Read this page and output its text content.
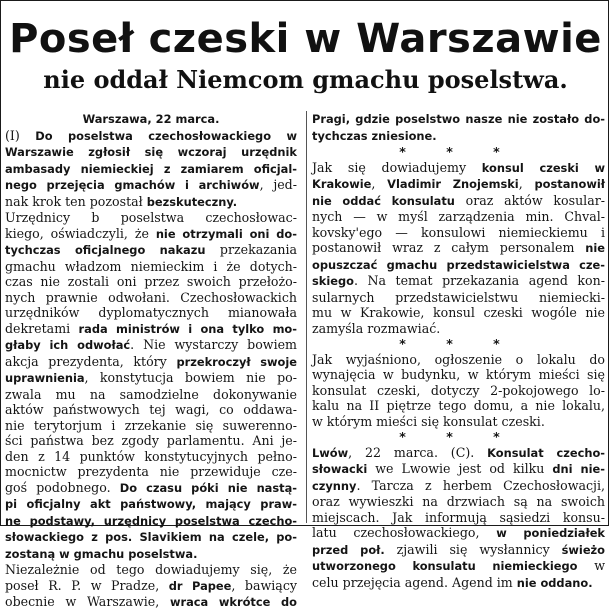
Poseł czeski w Warszawie
nie oddał Niemcom gmachu poselstwa.
Warszawa, 22 marca.
(I) Do poselstwa czechosłowackiego w
Warszawie zgłosił się wczoraj urzędnik
ambasady niemieckiej z zamiarem oficjal-
nego przejęcia gmachów i archiwów, jed-
nak krok ten pozostał bezskuteczny.
Urzędnicy b poselstwa czechosłowac-
kiego, oświadczyli, że nie otrzymali oni do-
tychczas oficjalnego nakazu przekazania
gmachu władzom niemieckim i że dotych-
czas nie zostali oni przez swoich przełożo-
nych prawnie odwołani. Czechosłowackich
urzędników dyplomatycznych mianowała
dekretami rada ministrów i ona tylko mo-
głaby ich odwołać. Nie wystarczy bowiem
akcja prezydenta, który przekroczył swoje
uprawnienia, konstytucja bowiem nie po-
zwala mu na samodzielne dokonywanie
aktów państwowych tej wagi, co oddawa-
nie terytorjum i zrzekanie się suwerenno-
ści państwa bez zgody parlamentu. Ani je-
den z 14 punktów konstytucyjnych pełno-
mocnictw prezydenta nie przewiduje cze-
goś podobnego. Do czasu póki nie nastą-
pi oficjalny akt państwowy, mający praw-
ne podstawy, urzędnicy poselstwa czecho-
słowackiego z pos. Slavikiem na czele, po-
zostaną w gmachu poselstwa.
Niezależnie od tego dowiadujemy się, że
poseł R. P. w Pradze, dr Papee, bawiący
obecnie w Warszawie, wraca wkrótce do
Pragi, gdzie poselstwo nasze nie zostało do-
tychczas zniesione.
* * *
Jak się dowiadujemy konsul czeski w
Krakowie, Vladimir Znojemski, postanowił
nie oddać konsulatu oraz aktów kosular-
nych — w myśl zarządzenia min. Chval-
kovsky'ego — konsulowi niemieckiemu i
postanowił wraz z całym personalem nie
opuszczać gmachu przedstawicielstwa cze-
skiego. Na temat przekazania agend kon-
sularnych przedstawicielstwu niemiecki-
mu w Krakowie, konsul czeski wogóle nie
zamyśla rozmawiać.
* * *
Jak wyjaśniono, ogłoszenie o lokalu do
wynajęcia w budynku, w którym mieści się
konsulat czeski, dotyczy 2-pokojowego lo-
kalu na II piętrze tego domu, a nie lokalu,
w którym mieści się konsulat czeski.
* * *
Lwów, 22 marca. (C). Konsulat czecho-
słowacki we Lwowie jest od kilku dni nie-
czynny. Tarcza z herbem Czechosłowacji,
oraz wywieszki na drzwiach są na swoich
miejscach. Jak informują sąsiedzi konsu-
latu czechosłowackiego, w poniedziałek
przed poł. zjawili się wysłannicy świeżo
utworzonego konsulatu niemieckiego w
celu przejęcia agend. Agend im nie oddano.
